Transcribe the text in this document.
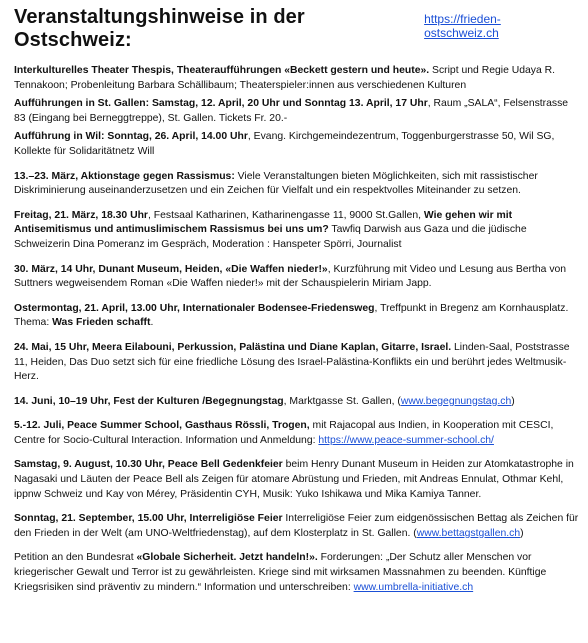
Veranstaltungshinweise in der Ostschweiz:
https://frieden-ostschweiz.ch

Interkulturelles Theater Thespis, Theateraufführungen «Beckett gestern und heute». Script und Regie Udaya R. Tennakoon; Probenleitung Barbara Schällibaum; Theaterspieler:innen aus verschiedenen Kulturen

Aufführungen in St. Gallen: Samstag, 12. April, 20 Uhr und Sonntag 13. April, 17 Uhr, Raum „SALA“, Felsenstrasse 83 (Eingang bei Berneggtreppe), St. Gallen. Tickets Fr. 20.-

Aufführung in Wil: Sonntag, 26. April, 14.00 Uhr, Evang. Kirchgemeindezentrum, Toggenburgerstrasse 50, Wil SG, Kollekte für Solidaritätnetz Will

13.–23. März, Aktionstage gegen Rassismus: Viele Veranstaltungen bieten Möglichkeiten, sich mit rassistischer Diskriminierung auseinanderzusetzen und ein Zeichen für Vielfalt und ein respektvolles Miteinander zu setzen.

Freitag, 21. März, 18.30 Uhr, Festsaal Katharinen, Katharinengasse 11, 9000 St.Gallen, Wie gehen wir mit Antisemitismus und antimuslimischem Rassismus bei uns um? Tawfiq Darwish aus Gaza und die jüdische Schweizerin Dina Pomeranz im Gespräch, Moderation : Hanspeter Spörri, Journalist

30. März, 14 Uhr, Dunant Museum, Heiden, «Die Waffen nieder!», Kurzführung mit Video und Lesung aus Bertha von Suttners wegweisendem Roman «Die Waffen nieder!» mit der Schauspielerin Miriam Japp.

Ostermontag, 21. April, 13.00 Uhr, Internationaler Bodensee-Friedensweg, Treffpunkt in Bregenz am Kornhausplatz. Thema: Was Frieden schafft.

24. Mai, 15 Uhr, Meera Eilabouni, Perkussion, Palästina und Diane Kaplan, Gitarre, Israel. Linden-Saal, Poststrasse 11, Heiden, Das Duo setzt sich für eine friedliche Lösung des Israel-Palästina-Konflikts ein und berührt jedes Weltmusik-Herz.

14. Juni, 10–19 Uhr, Fest der Kulturen /Begegnungstag, Marktgasse St. Gallen, (www.begegnungstag.ch)

5.-12. Juli, Peace Summer School, Gasthaus Rössli, Trogen, mit Rajacopal aus Indien, in Kooperation mit CESCI, Centre for Socio-Cultural Interaction. Information und Anmeldung: https://www.peace-summer-school.ch/

Samstag, 9. August, 10.30 Uhr, Peace Bell Gedenkfeier beim Henry Dunant Museum in Heiden zur Atomkatastrophe in Nagasaki und Läuten der Peace Bell als Zeigen für atomare Abrüstung und Frieden, mit Andreas Ennulat, Othmar Kehl, ippnw Schweiz und Kay von Mérey, Präsidentin CYH, Musik: Yuko Ishikawa und Mika Kamiya Tanner.

Sonntag, 21. September, 15.00 Uhr, Interreligiöse Feier Interreligiöse Feier zum eidgenössischen Bettag als Zeichen für den Frieden in der Welt (am UNO-Weltfriedenstag), auf dem Klosterplatz in St. Gallen. (www.bettagstgallen.ch)

Petition an den Bundesrat «Globale Sicherheit. Jetzt handeln!». Forderungen: „Der Schutz aller Menschen vor kriegerischer Gewalt und Terror ist zu gewährleisten. Kriege sind mit wirksamen Massnahmen zu beenden. Künftige Kriegsrisiken sind präventiv zu mindern.“ Information und unterschreiben: www.umbrella-initiative.ch
